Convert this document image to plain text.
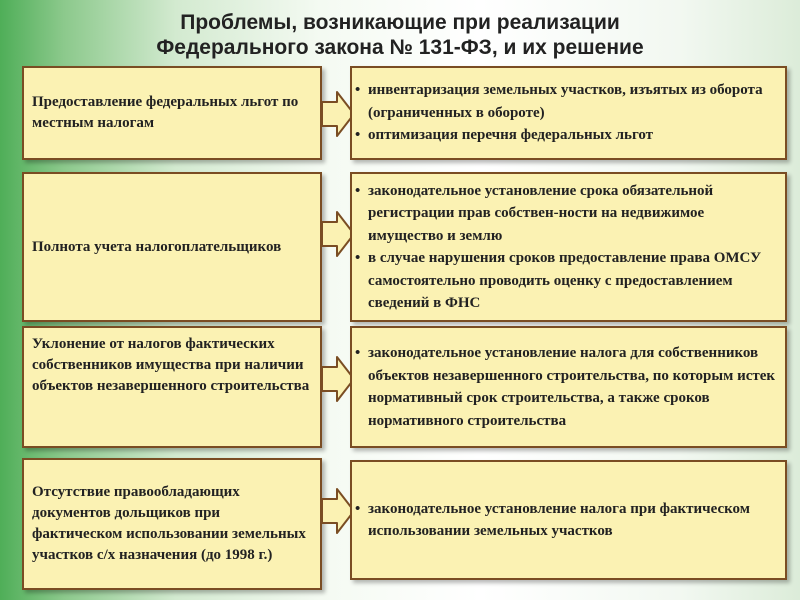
Проблемы, возникающие при реализации
Федерального закона № 131-ФЗ, и их решение
Предоставление федеральных льгот по местным налогам
• инвентаризация земельных участков, изъятых из оборота (ограниченных в обороте)
• оптимизация перечня федеральных льгот
Полнота учета налогоплательщиков
• законодательное установление срока обязательной регистрации прав собствен-ности на недвижимое имущество и землю
• в случае нарушения сроков предоставление права ОМСУ самостоятельно проводить оценку с предоставлением сведений в ФНС
Уклонение от налогов фактических собственников имущества при наличии объектов незавершенного строительства
• законодательное установление налога для собственников объектов незавершенного строительства, по которым истек нормативный срок строительства, а также сроков нормативного строительства
Отсутствие правообладающих документов дольщиков при фактическом использовании земельных участков с/х назначения (до 1998 г.)
• законодательное установление налога при фактическом использовании земельных участков
